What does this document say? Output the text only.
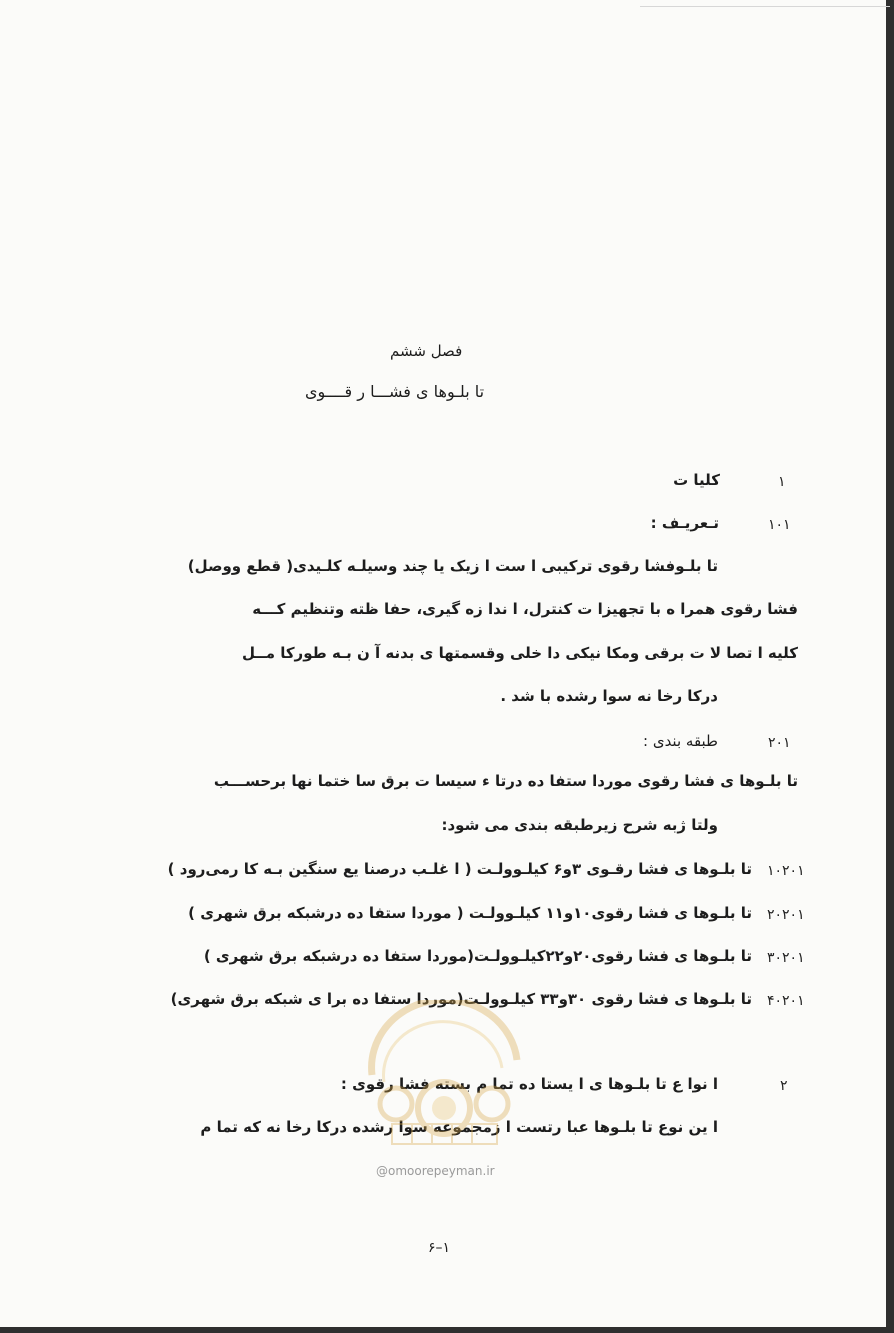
فصل ششم
تا بلـوها ی فشـــا ر قــــوی
۱
کلیا ت
۱۰۱
تـعریـف :
تا بلـوفشا رقوی ترکیبی ا ست ا زیک یا چند وسیلـه کلـیدی( قطع ووصل)
فشا رقوی همرا ه با تجهیزا ت کنترل، ا ندا زه گیری، حفا ظته وتنظیم کـــه
کلیه ا تصا لا ت برقی ومکا نیکی دا خلی وقسمتها ی بدنه آ ن بـه طورکا مــل
درکا رخا نه سوا رشده با شد .
۲۰۱
طبقه بندی :
تا بلـوها ی فشا رقوی موردا ستفا ده درتا ء سیسا ت برق سا ختما نها برحســـب
ولتا ژبه شرح زیرطبقه بندی می شود:
۱۰۲۰۱
تا بلـوها ی فشا رقـوی ۳و۶ کیلـوولـت ( ا غلـب درصنا یع سنگین بـه کا رمی‌رود )
۲۰۲۰۱
تا بلـوها ی فشا رقوی۱۰و۱۱ کیلـوولـت ( موردا ستفا ده درشبکه برق شهری )
۳۰۲۰۱
تا بلـوها ی فشا رقوی۲۰و۲۲کیلـوولـت(موردا ستفا ده درشبکه برق شهری )
۴۰۲۰۱
تا بلـوها ی فشا رقوی ۳۰و۳۳ کیلـوولـت(موردا ستفا ده برا ی شبکه برق شهری)
۲
ا نوا ع تا بلـوها ی ا یستا ده تما م بسته فشا رقوی :
ا ین نوع تا بلـوها عبا رتست ا زمجموعه سوا رشده درکا رخا نه که تما م
@omoorepeyman.ir
۶–۱
